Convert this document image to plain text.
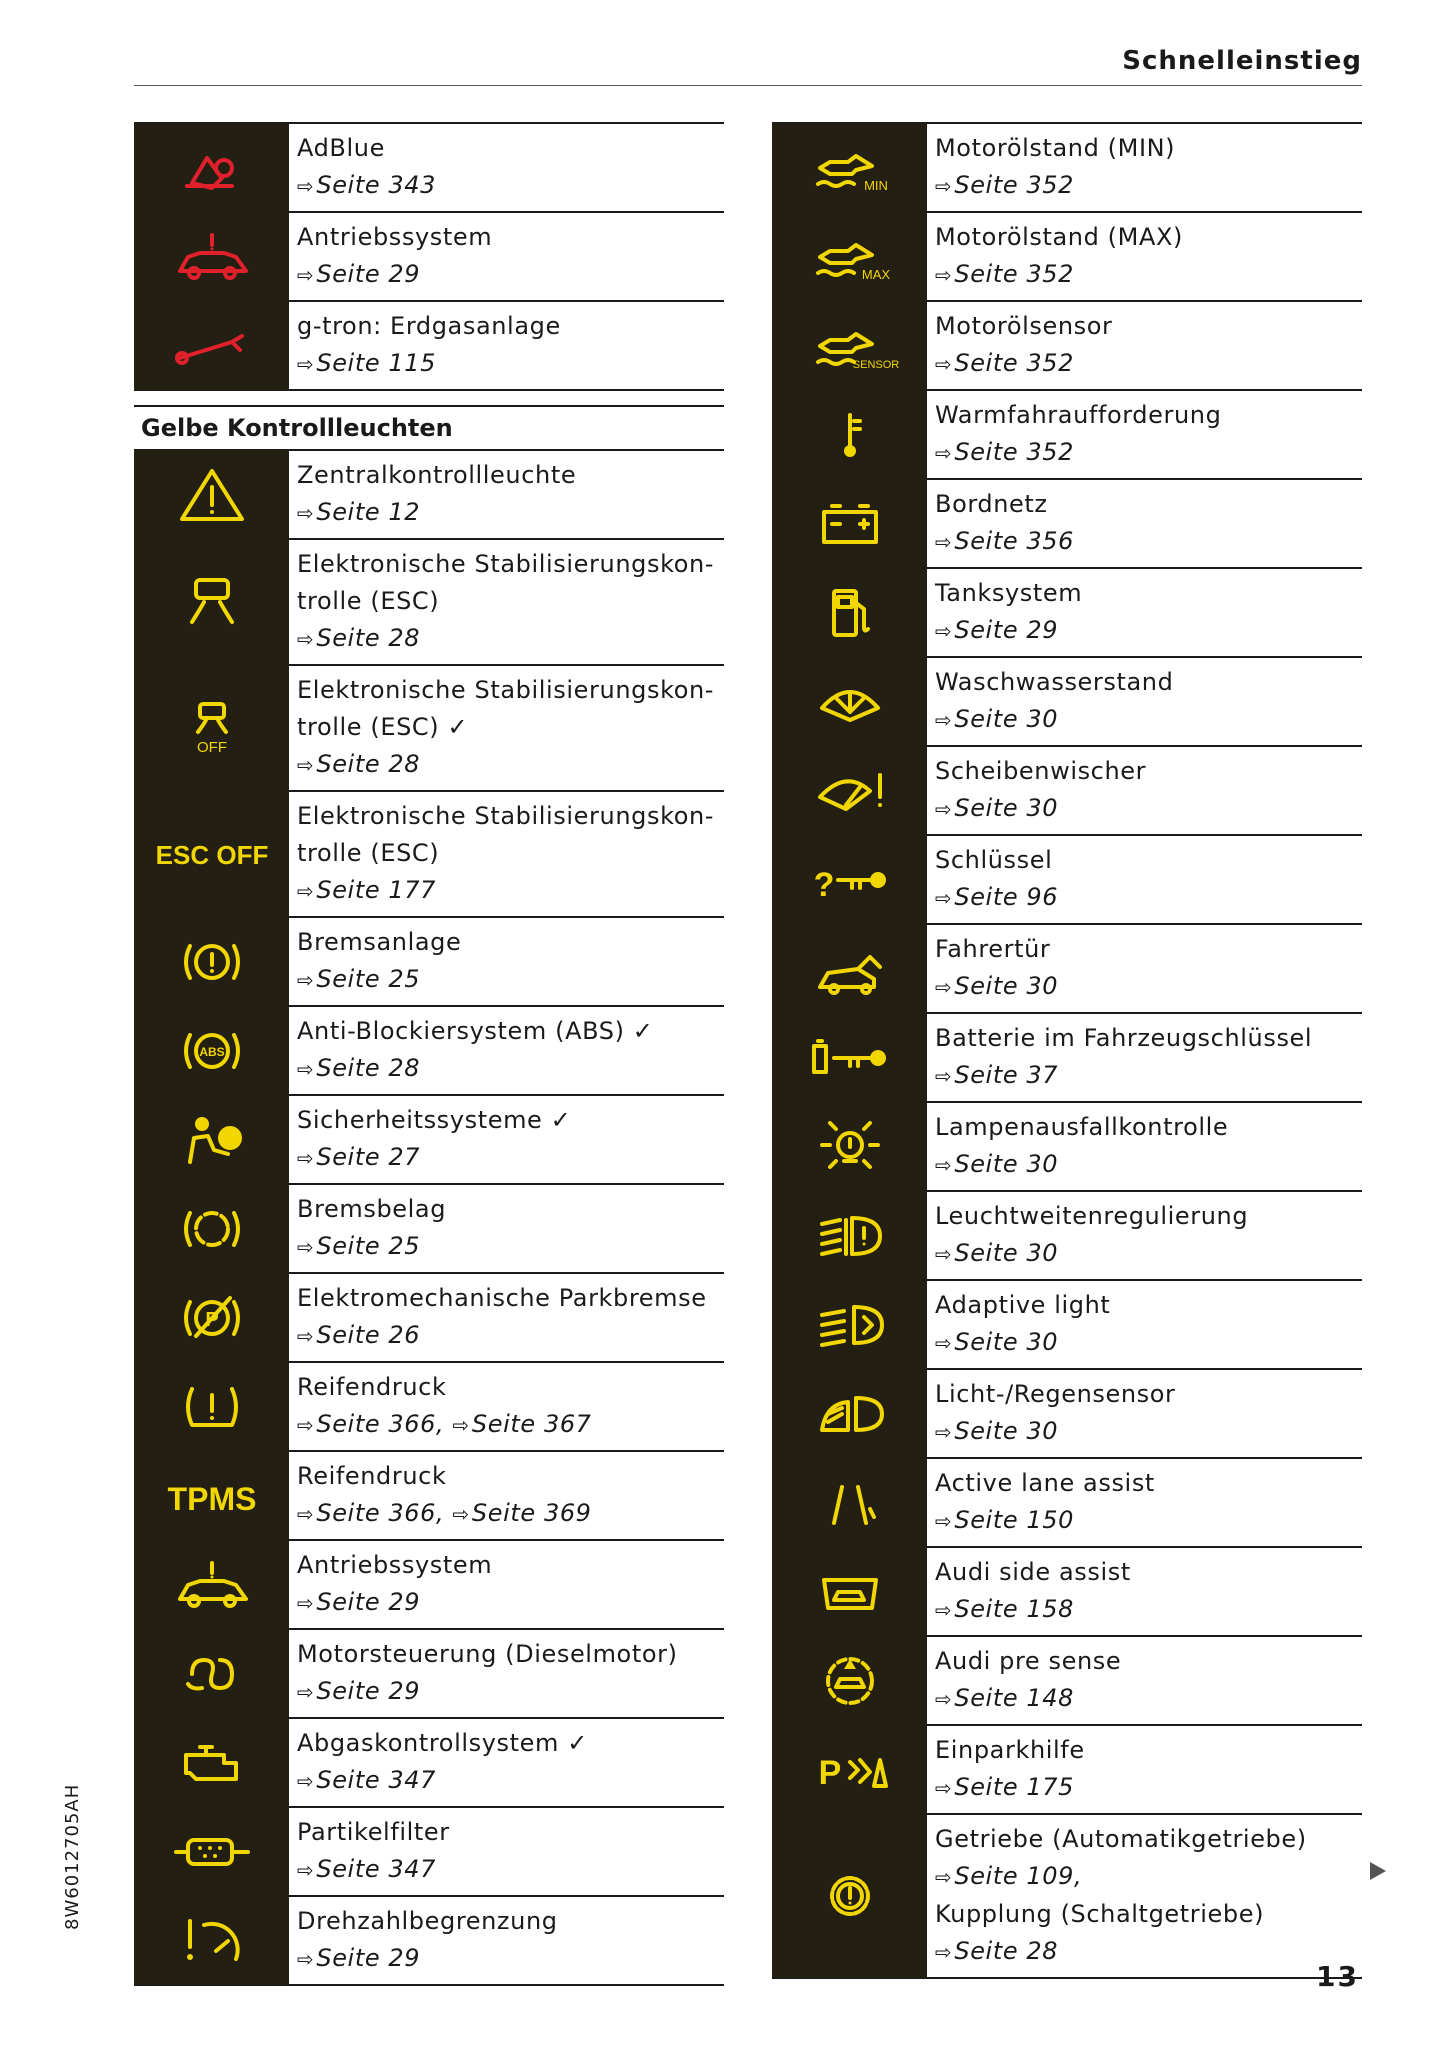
Schnelleinstieg
AdBlue
⇨Seite 343
Antriebssystem
⇨Seite 29
g-tron: Erdgasanlage
⇨Seite 115
Gelbe Kontrollleuchten
Zentralkontrollleuchte
⇨Seite 12
Elektronische Stabilisierungskon-
trolle (ESC)
⇨Seite 28
OFF
Elektronische Stabilisierungskon-
trolle (ESC) ✓
⇨Seite 28
ESC OFF
Elektronische Stabilisierungskon-
trolle (ESC)
⇨Seite 177
Bremsanlage
⇨Seite 25
ABS
Anti-Blockiersystem (ABS) ✓
⇨Seite 28
Sicherheitssysteme ✓
⇨Seite 27
Bremsbelag
⇨Seite 25
P
Elektromechanische Parkbremse
⇨Seite 26
Reifendruck
⇨Seite 366, ⇨Seite 367
TPMS
Reifendruck
⇨Seite 366, ⇨Seite 369
Antriebssystem
⇨Seite 29
Motorsteuerung (Dieselmotor)
⇨Seite 29
Abgaskontrollsystem ✓
⇨Seite 347
Partikelfilter
⇨Seite 347
Drehzahlbegrenzung
⇨Seite 29
MIN
Motorölstand (MIN)
⇨Seite 352
MAX
Motorölstand (MAX)
⇨Seite 352
SENSOR
Motorölsensor
⇨Seite 352
Warmfahraufforderung
⇨Seite 352
Bordnetz
⇨Seite 356
Tanksystem
⇨Seite 29
Waschwasserstand
⇨Seite 30
Scheibenwischer
⇨Seite 30
?
Schlüssel
⇨Seite 96
Fahrertür
⇨Seite 30
Batterie im Fahrzeugschlüssel
⇨Seite 37
Lampenausfallkontrolle
⇨Seite 30
Leuchtweitenregulierung
⇨Seite 30
Adaptive light
⇨Seite 30
Licht-/Regensensor
⇨Seite 30
Active lane assist
⇨Seite 150
Audi side assist
⇨Seite 158
Audi pre sense
⇨Seite 148
P
Einparkhilfe
⇨Seite 175
Getriebe (Automatikgetriebe)
⇨Seite 109,
Kupplung (Schaltgetriebe)
⇨Seite 28
8W6012705AH
13
